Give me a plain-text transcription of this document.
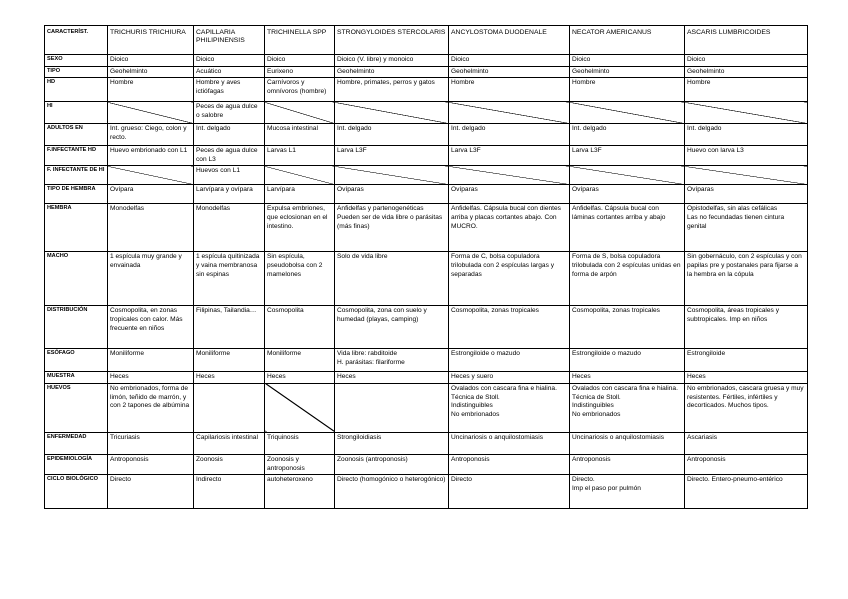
CARACTERÍST.	TRICHURIS TRICHIURA	CAPILLARIA PHILIPINENSIS	TRICHINELLA SPP	STRONGYLOIDES STERCOLARIS	ANCYLOSTOMA DUODENALE	NECATOR AMERICANUS	ASCARIS LUMBRICOIDES
SEXO	Dioico	Dioico	Dioico	Dioico (V. libre) y monoico	Dioico	Dioico	Dioico

TIPO	Geohelminto	Acuático	Eurixeno	Geohelminto	Geohelminto	Geohelminto	Geohelminto

HD	Hombre	Hombre y aves ictiófagas	Carnívoros y omnívoros (hombre)	Hombre, primates, perros y gatos	Hombre	Hombre	Hombre

HI		Peces de agua dulce o salobre					

ADULTOS EN	Int. grueso: Ciego, colon y recto.	Int. delgado	Mucosa intestinal	Int. delgado	Int. delgado	Int. delgado	Int. delgado

F.INFECTANTE HD	Huevo embrionado con L1	Peces de agua dulce con L3	Larvas L1	Larva L3F	Larva L3F	Larva L3F	Huevo con larva L3

F. INFECTANTE DE HI		Huevos con L1					

TIPO DE HEMBRA	Ovípara	Larvípara y ovípara	Larvípara	Ovíparas	Ovíparas	Ovíparas	Ovíparas

HEMBRA	Monodelfas	Monodelfas	Expulsa embriones, que eclosionan en el intestino.	Anfidelfas y partenogenéticas
Pueden ser de vida libre o parásitas (más finas)	Anfidelfas. Cápsula bucal con dientes arriba y placas cortantes abajo. Con MUCRO.	Anfidelfas. Cápsula bucal con láminas cortantes arriba y abajo	Opistodelfas, sin alas cefálicas
Las no fecundadas tienen cintura genital

MACHO	1 espícula muy grande y envainada	1 espícula quitinizada y vaina membranosa sin espinas	Sin espícula, pseudobolsa con 2 mamelones	Solo de vida libre	Forma de C, bolsa copuladora trilobulada con 2 espículas largas y separadas	Forma de S, bolsa copuladora trilobulada con 2 espículas unidas en forma de arpón	Sin gobernáculo, con 2 espículas y con papilas pre y postanales para fijarse a la hembra en la cópula

DISTRIBUCIÓN	Cosmopolita, en zonas tropicales con calor. Más frecuente en niños	Filipinas, Tailandia…	Cosmopolita	Cosmopolita, zona con suelo y humedad (playas, camping)	Cosmopolita, zonas tropicales	Cosmopolita, zonas tropicales	Cosmopolita, áreas tropicales y subtropicales. Imp en niños

ESÓFAGO	Moniliforme	Moniliforme	Moniliforme	Vida libre: rabditoide
H. parásitas: filariforme	Estrongiloide o mazudo	Estrongiloide o mazudo	Estrongiloide

MUESTRA	Heces	Heces	Heces	Heces	Heces y suero	Heces	Heces

HUEVOS	No embrionados, forma de limón, teñido de marrón, y con 2 tapones de albúmina				Ovalados con cascara fina e hialina. Técnica de Stoll.
Indistinguibles
No embrionados	Ovalados con cascara fina e hialina. Técnica de Stoll.
Indistinguibles
No embrionados	No embrionados, cascara gruesa y muy resistentes. Fértiles, infértiles y decorticados. Muchos tipos.

ENFERMEDAD	Tricuriasis	Capilariosis intestinal	Triquinosis	Strongiloidiasis	Uncinariosis o anquilostomiasis	Uncinariosis o anquilostomiasis	Ascariasis

EPIDEMIOLOGÍA	Antroponosis	Zoonosis	Zoonosis y antroponosis	Zoonosis (antroponosis)	Antroponosis	Antroponosis	Antroponosis

CICLO BIOLÓGICO	Directo	Indirecto	autoheteroxeno	Directo (homogónico o heterogónico)	Directo	Directo.
Imp el paso por pulmón	Directo. Entero-pneumo-entérico
